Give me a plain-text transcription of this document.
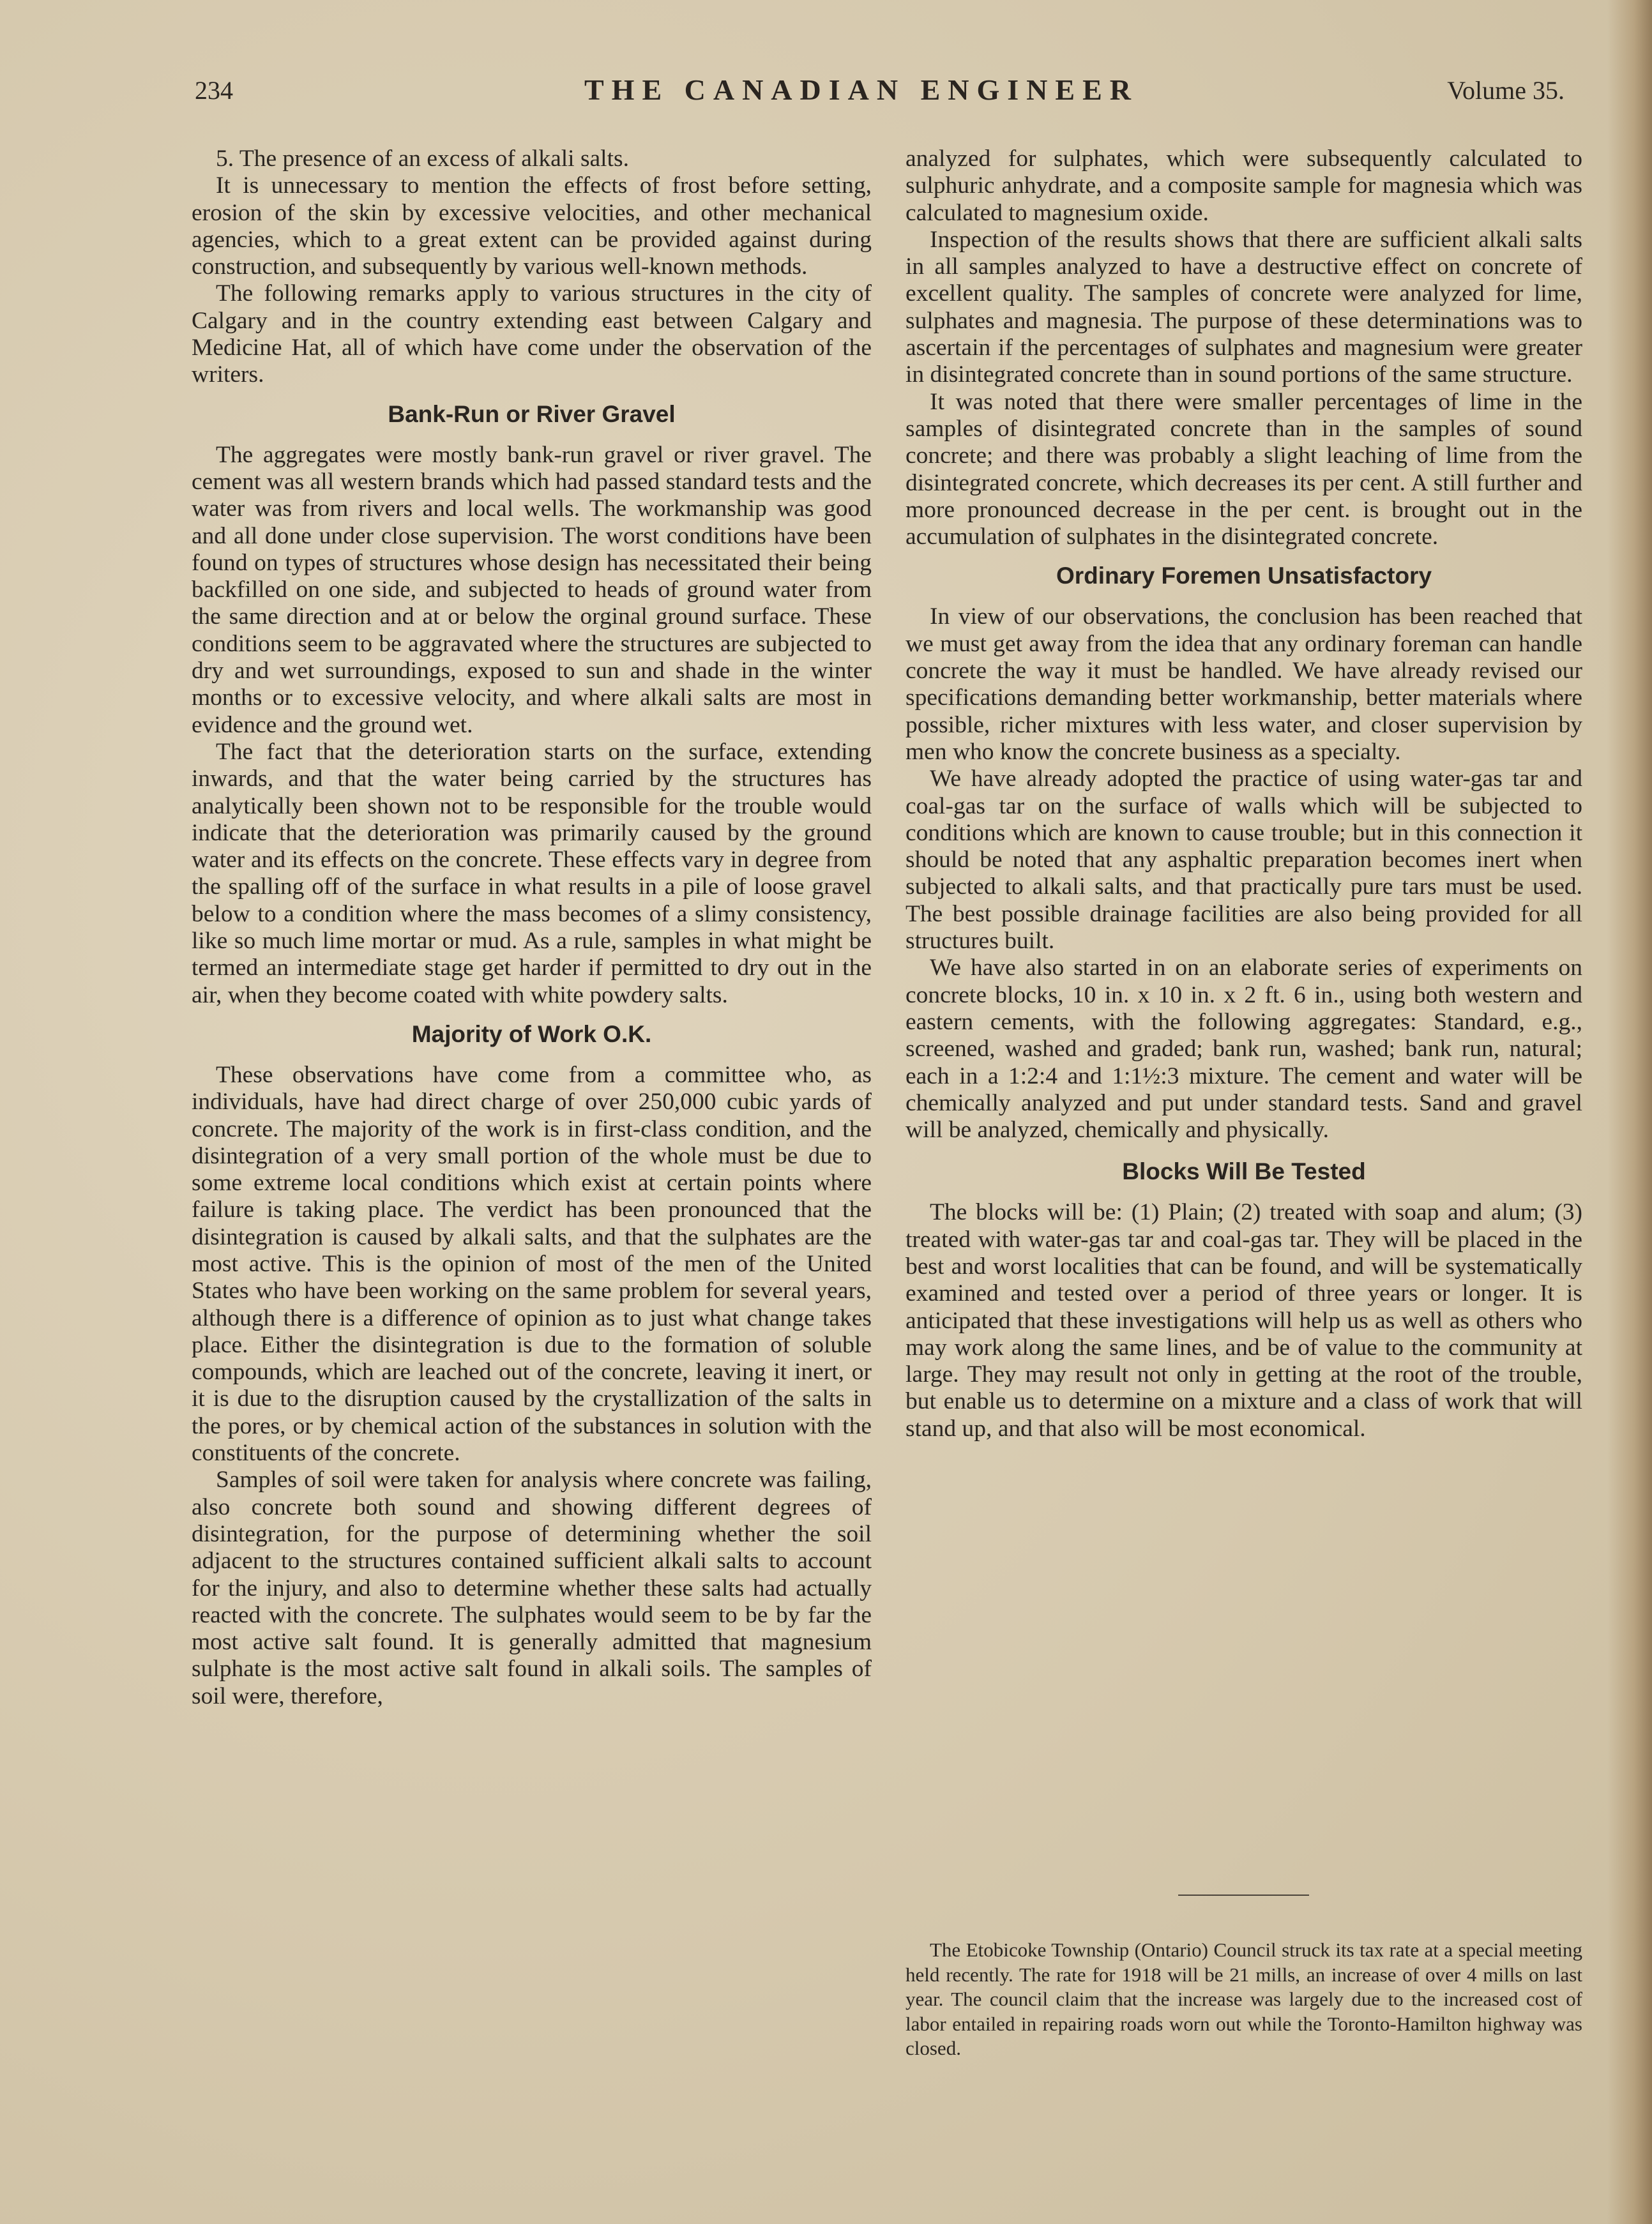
234	THE CANADIAN ENGINEER	Volume 35.

5. The presence of an excess of alkali salts.

It is unnecessary to mention the effects of frost before setting, erosion of the skin by excessive velocities, and other mechanical agencies, which to a great extent can be provided against during construction, and subsequently by various well-known methods.

The following remarks apply to various structures in the city of Calgary and in the country extending east between Calgary and Medicine Hat, all of which have come under the observation of the writers.

Bank-Run or River Gravel

The aggregates were mostly bank-run gravel or river gravel. The cement was all western brands which had passed standard tests and the water was from rivers and local wells. The workmanship was good and all done under close supervision. The worst conditions have been found on types of structures whose design has necessitated their being backfilled on one side, and subjected to heads of ground water from the same direction and at or below the orginal ground surface. These conditions seem to be aggravated where the structures are subjected to dry and wet surroundings, exposed to sun and shade in the winter months or to excessive velocity, and where alkali salts are most in evidence and the ground wet.

The fact that the deterioration starts on the surface, extending inwards, and that the water being carried by the structures has analytically been shown not to be responsible for the trouble would indicate that the deterioration was primarily caused by the ground water and its effects on the concrete. These effects vary in degree from the spalling off of the surface in what results in a pile of loose gravel below to a condition where the mass becomes of a slimy consistency, like so much lime mortar or mud. As a rule, samples in what might be termed an intermediate stage get harder if permitted to dry out in the air, when they become coated with white powdery salts.

Majority of Work O.K.

These observations have come from a committee who, as individuals, have had direct charge of over 250,000 cubic yards of concrete. The majority of the work is in first-class condition, and the disintegration of a very small portion of the whole must be due to some extreme local conditions which exist at certain points where failure is taking place. The verdict has been pronounced that the disintegration is caused by alkali salts, and that the sulphates are the most active. This is the opinion of most of the men of the United States who have been working on the same problem for several years, although there is a difference of opinion as to just what change takes place. Either the disintegration is due to the formation of soluble compounds, which are leached out of the concrete, leaving it inert, or it is due to the disruption caused by the crystallization of the salts in the pores, or by chemical action of the substances in solution with the constituents of the concrete.

Samples of soil were taken for analysis where concrete was failing, also concrete both sound and showing different degrees of disintegration, for the purpose of determining whether the soil adjacent to the structures contained sufficient alkali salts to account for the injury, and also to determine whether these salts had actually reacted with the concrete. The sulphates would seem to be by far the most active salt found. It is generally admitted that magnesium sulphate is the most active salt found in alkali soils. The samples of soil were, therefore,

analyzed for sulphates, which were subsequently calculated to sulphuric anhydrate, and a composite sample for magnesia which was calculated to magnesium oxide.

Inspection of the results shows that there are sufficient alkali salts in all samples analyzed to have a destructive effect on concrete of excellent quality. The samples of concrete were analyzed for lime, sulphates and magnesia. The purpose of these determinations was to ascertain if the percentages of sulphates and magnesium were greater in disintegrated concrete than in sound portions of the same structure.

It was noted that there were smaller percentages of lime in the samples of disintegrated concrete than in the samples of sound concrete; and there was probably a slight leaching of lime from the disintegrated concrete, which decreases its per cent. A still further and more pronounced decrease in the per cent. is brought out in the accumulation of sulphates in the disintegrated concrete.

Ordinary Foremen Unsatisfactory

In view of our observations, the conclusion has been reached that we must get away from the idea that any ordinary foreman can handle concrete the way it must be handled. We have already revised our specifications demanding better workmanship, better materials where possible, richer mixtures with less water, and closer supervision by men who know the concrete business as a specialty.

We have already adopted the practice of using water-gas tar and coal-gas tar on the surface of walls which will be subjected to conditions which are known to cause trouble; but in this connection it should be noted that any asphaltic preparation becomes inert when subjected to alkali salts, and that practically pure tars must be used. The best possible drainage facilities are also being provided for all structures built.

We have also started in on an elaborate series of experiments on concrete blocks, 10 in. x 10 in. x 2 ft. 6 in., using both western and eastern cements, with the following aggregates: Standard, e.g., screened, washed and graded; bank run, washed; bank run, natural; each in a 1:2:4 and 1:1½:3 mixture. The cement and water will be chemically analyzed and put under standard tests. Sand and gravel will be analyzed, chemically and physically.

Blocks Will Be Tested

The blocks will be: (1) Plain; (2) treated with soap and alum; (3) treated with water-gas tar and coal-gas tar. They will be placed in the best and worst localities that can be found, and will be systematically examined and tested over a period of three years or longer. It is anticipated that these investigations will help us as well as others who may work along the same lines, and be of value to the community at large. They may result not only in getting at the root of the trouble, but enable us to determine on a mixture and a class of work that will stand up, and that also will be most economical.

The Etobicoke Township (Ontario) Council struck its tax rate at a special meeting held recently. The rate for 1918 will be 21 mills, an increase of over 4 mills on last year. The council claim that the increase was largely due to the increased cost of labor entailed in repairing roads worn out while the Toronto-Hamilton highway was closed.
